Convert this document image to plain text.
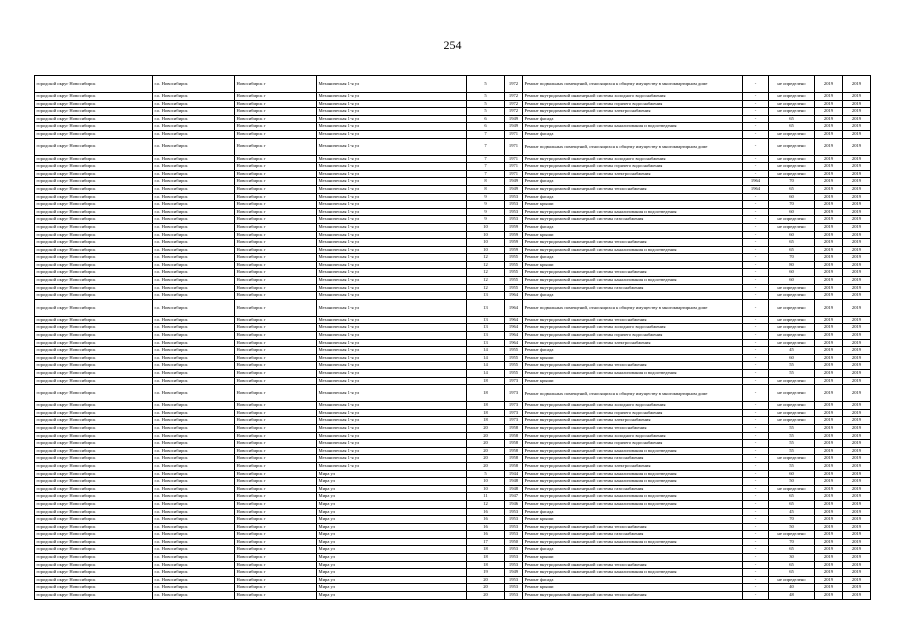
254
городской округ Новосибирск	г.о. Новосибирск	Новосибирск г	Механическая 1-я ул	5	1972	Ремонт подвальных помещений, относящихся к общему имуществу в многоквартирном доме	-	не определено	2019	2019
городской округ Новосибирск	г.о. Новосибирск	Новосибирск г	Механическая 1-я ул	5	1972	Ремонт внутридомовой инженерной системы холодного водоснабжения	-	не определено	2019	2019
городской округ Новосибирск	г.о. Новосибирск	Новосибирск г	Механическая 1-я ул	5	1972	Ремонт внутридомовой инженерной системы горячего водоснабжения	-	не определено	2019	2019
городской округ Новосибирск	г.о. Новосибирск	Новосибирск г	Механическая 1-я ул	5	1972	Ремонт внутридомовой инженерной системы электроснабжения	-	не определено	2019	2019
городской округ Новосибирск	г.о. Новосибирск	Новосибирск г	Механическая 1-я ул	6	1949	Ремонт фасада	-	65	2019	2019
городской округ Новосибирск	г.о. Новосибирск	Новосибирск г	Механическая 1-я ул	6	1949	Ремонт внутридомовой инженерной системы канализования и водоотведения	-	65	2019	2019
городской округ Новосибирск	г.о. Новосибирск	Новосибирск г	Механическая 1-я ул	7	1971	Ремонт фасада	-	не определено	2019	2019
городской округ Новосибирск	г.о. Новосибирск	Новосибирск г	Механическая 1-я ул	7	1971	Ремонт подвальных помещений, относящихся к общему имуществу в многоквартирном доме	-	не определено	2019	2019
городской округ Новосибирск	г.о. Новосибирск	Новосибирск г	Механическая 1-я ул	7	1971	Ремонт внутридомовой инженерной системы холодного водоснабжения	-	не определено	2019	2019
городской округ Новосибирск	г.о. Новосибирск	Новосибирск г	Механическая 1-я ул	7	1971	Ремонт внутридомовой инженерной системы горячего водоснабжения	-	не определено	2019	2019
городской округ Новосибирск	г.о. Новосибирск	Новосибирск г	Механическая 1-я ул	7	1971	Ремонт внутридомовой инженерной системы электроснабжения	-	не определено	2019	2019
городской округ Новосибирск	г.о. Новосибирск	Новосибирск г	Механическая 1-я ул	8	1949	Ремонт фасада	1964	70	2019	2019
городской округ Новосибирск	г.о. Новосибирск	Новосибирск г	Механическая 1-я ул	8	1949	Ремонт внутридомовой инженерной системы теплоснабжения	1964	65	2019	2019
городской округ Новосибирск	г.о. Новосибирск	Новосибирск г	Механическая 1-я ул	9	1953	Ремонт фасада	-	60	2019	2019
городской округ Новосибирск	г.о. Новосибирск	Новосибирск г	Механическая 1-я ул	9	1953	Ремонт крыши	-	70	2019	2019
городской округ Новосибирск	г.о. Новосибирск	Новосибирск г	Механическая 1-я ул	9	1953	Ремонт внутридомовой инженерной системы канализования и водоотведения	-	60	2019	2019
городской округ Новосибирск	г.о. Новосибирск	Новосибирск г	Механическая 1-я ул	9	1953	Ремонт внутридомовой инженерной системы газоснабжения	-	не определено	2019	2019
городской округ Новосибирск	г.о. Новосибирск	Новосибирск г	Механическая 1-я ул	10	1959	Ремонт фасада	-	не определено	2019	2019
городской округ Новосибирск	г.о. Новосибирск	Новосибирск г	Механическая 1-я ул	10	1959	Ремонт крыши	-	60	2019	2019
городской округ Новосибирск	г.о. Новосибирск	Новосибирск г	Механическая 1-я ул	10	1959	Ремонт внутридомовой инженерной системы теплоснабжения	-	65	2019	2019
городской округ Новосибирск	г.о. Новосибирск	Новосибирск г	Механическая 1-я ул	10	1959	Ремонт внутридомовой инженерной системы канализования и водоотведения	-	65	2019	2019
городской округ Новосибирск	г.о. Новосибирск	Новосибирск г	Механическая 1-я ул	12	1955	Ремонт фасада	-	70	2019	2019
городской округ Новосибирск	г.о. Новосибирск	Новосибирск г	Механическая 1-я ул	12	1955	Ремонт крыши	-	80	2019	2019
городской округ Новосибирск	г.о. Новосибирск	Новосибирск г	Механическая 1-я ул	12	1955	Ремонт внутридомовой инженерной системы теплоснабжения	-	60	2019	2019
городской округ Новосибирск	г.о. Новосибирск	Новосибирск г	Механическая 1-я ул	12	1955	Ремонт внутридомовой инженерной системы канализования и водоотведения	-	60	2019	2019
городской округ Новосибирск	г.о. Новосибирск	Новосибирск г	Механическая 1-я ул	12	1955	Ремонт внутридомовой инженерной системы газоснабжения	-	не определено	2019	2019
городской округ Новосибирск	г.о. Новосибирск	Новосибирск г	Механическая 1-я ул	13	1964	Ремонт фасада	-	не определено	2019	2019
городской округ Новосибирск	г.о. Новосибирск	Новосибирск г	Механическая 1-я ул	13	1964	Ремонт подвальных помещений, относящихся к общему имуществу в многоквартирном доме	-	не определено	2019	2019
городской округ Новосибирск	г.о. Новосибирск	Новосибирск г	Механическая 1-я ул	13	1964	Ремонт внутридомовой инженерной системы теплоснабжения	-	не определено	2019	2019
городской округ Новосибирск	г.о. Новосибирск	Новосибирск г	Механическая 1-я ул	13	1964	Ремонт внутридомовой инженерной системы холодного водоснабжения	-	не определено	2019	2019
городской округ Новосибирск	г.о. Новосибирск	Новосибирск г	Механическая 1-я ул	13	1964	Ремонт внутридомовой инженерной системы горячего водоснабжения	-	не определено	2019	2019
городской округ Новосибирск	г.о. Новосибирск	Новосибирск г	Механическая 1-я ул	13	1964	Ремонт внутридомовой инженерной системы электроснабжения	-	не определено	2019	2019
городской округ Новосибирск	г.о. Новосибирск	Новосибирск г	Механическая 1-я ул	14	1955	Ремонт фасада	-	45	2019	2019
городской округ Новосибирск	г.о. Новосибирск	Новосибирск г	Механическая 1-я ул	14	1955	Ремонт крыши	-	60	2019	2019
городской округ Новосибирск	г.о. Новосибирск	Новосибирск г	Механическая 1-я ул	14	1955	Ремонт внутридомовой инженерной системы теплоснабжения	-	55	2019	2019
городской округ Новосибирск	г.о. Новосибирск	Новосибирск г	Механическая 1-я ул	14	1955	Ремонт внутридомовой инженерной системы канализования и водоотведения	-	55	2019	2019
городской округ Новосибирск	г.о. Новосибирск	Новосибирск г	Механическая 1-я ул	18	1973	Ремонт крыши	-	не определено	2019	2019
городской округ Новосибирск	г.о. Новосибирск	Новосибирск г	Механическая 1-я ул	18	1973	Ремонт подвальных помещений, относящихся к общему имуществу в многоквартирном доме	-	не определено	2019	2019
городской округ Новосибирск	г.о. Новосибирск	Новосибирск г	Механическая 1-я ул	18	1973	Ремонт внутридомовой инженерной системы холодного водоснабжения	-	не определено	2019	2019
городской округ Новосибирск	г.о. Новосибирск	Новосибирск г	Механическая 1-я ул	18	1973	Ремонт внутридомовой инженерной системы горячего водоснабжения	-	не определено	2019	2019
городской округ Новосибирск	г.о. Новосибирск	Новосибирск г	Механическая 1-я ул	18	1973	Ремонт внутридомовой инженерной системы электроснабжения	-	не определено	2019	2019
городской округ Новосибирск	г.о. Новосибирск	Новосибирск г	Механическая 1-я ул	20	1958	Ремонт внутридомовой инженерной системы теплоснабжения	-	55	2019	2019
городской округ Новосибирск	г.о. Новосибирск	Новосибирск г	Механическая 1-я ул	20	1958	Ремонт внутридомовой инженерной системы холодного водоснабжения	-	55	2019	2019
городской округ Новосибирск	г.о. Новосибирск	Новосибирск г	Механическая 1-я ул	20	1958	Ремонт внутридомовой инженерной системы горячего водоснабжения	-	55	2019	2019
городской округ Новосибирск	г.о. Новосибирск	Новосибирск г	Механическая 1-я ул	20	1958	Ремонт внутридомовой инженерной системы канализования и водоотведения	-	55	2019	2019
городской округ Новосибирск	г.о. Новосибирск	Новосибирск г	Механическая 1-я ул	20	1958	Ремонт внутридомовой инженерной системы газоснабжения	-	не определено	2019	2019
городской округ Новосибирск	г.о. Новосибирск	Новосибирск г	Механическая 1-я ул	20	1958	Ремонт внутридомовой инженерной системы электроснабжения	-	55	2019	2019
городской округ Новосибирск	г.о. Новосибирск	Новосибирск г	Мира ул	5	1944	Ремонт внутридомовой инженерной системы канализования и водоотведения	-	60	2019	2019
городской округ Новосибирск	г.о. Новосибирск	Новосибирск г	Мира ул	10	1948	Ремонт внутридомовой инженерной системы канализования и водоотведения	-	50	2019	2019
городской округ Новосибирск	г.о. Новосибирск	Новосибирск г	Мира ул	10	1948	Ремонт внутридомовой инженерной системы газоснабжения	-	не определено	2019	2019
городской округ Новосибирск	г.о. Новосибирск	Новосибирск г	Мира ул	11	1947	Ремонт внутридомовой инженерной системы канализования и водоотведения	-	65	2019	2019
городской округ Новосибирск	г.о. Новосибирск	Новосибирск г	Мира ул	12	1946	Ремонт внутридомовой инженерной системы канализования и водоотведения	-	65	2019	2019
городской округ Новосибирск	г.о. Новосибирск	Новосибирск г	Мира ул	16	1953	Ремонт фасада	-	45	2019	2019
городской округ Новосибирск	г.о. Новосибирск	Новосибирск г	Мира ул	16	1953	Ремонт крыши	-	70	2019	2019
городской округ Новосибирск	г.о. Новосибирск	Новосибирск г	Мира ул	16	1953	Ремонт внутридомовой инженерной системы теплоснабжения	-	50	2019	2019
городской округ Новосибирск	г.о. Новосибирск	Новосибирск г	Мира ул	16	1953	Ремонт внутридомовой инженерной системы газоснабжения	-	не определено	2019	2019
городской округ Новосибирск	г.о. Новосибирск	Новосибирск г	Мира ул	17	1950	Ремонт внутридомовой инженерной системы канализования и водоотведения	-	70	2019	2019
городской округ Новосибирск	г.о. Новосибирск	Новосибирск г	Мира ул	18	1953	Ремонт фасада	-	65	2019	2019
городской округ Новосибирск	г.о. Новосибирск	Новосибирск г	Мира ул	18	1953	Ремонт крыши	-	30	2019	2019
городской округ Новосибирск	г.о. Новосибирск	Новосибирск г	Мира ул	18	1953	Ремонт внутридомовой инженерной системы теплоснабжения	-	65	2019	2019
городской округ Новосибирск	г.о. Новосибирск	Новосибирск г	Мира ул	19	1949	Ремонт внутридомовой инженерной системы канализования и водоотведения	-	65	2019	2019
городской округ Новосибирск	г.о. Новосибирск	Новосибирск г	Мира ул	20	1953	Ремонт фасада	-	не определено	2019	2019
городской округ Новосибирск	г.о. Новосибирск	Новосибирск г	Мира ул	20	1953	Ремонт крыши	-	40	2019	2019
городской округ Новосибирск	г.о. Новосибирск	Новосибирск г	Мира ул	20	1953	Ремонт внутридомовой инженерной системы теплоснабжения	-	48	2019	2019
